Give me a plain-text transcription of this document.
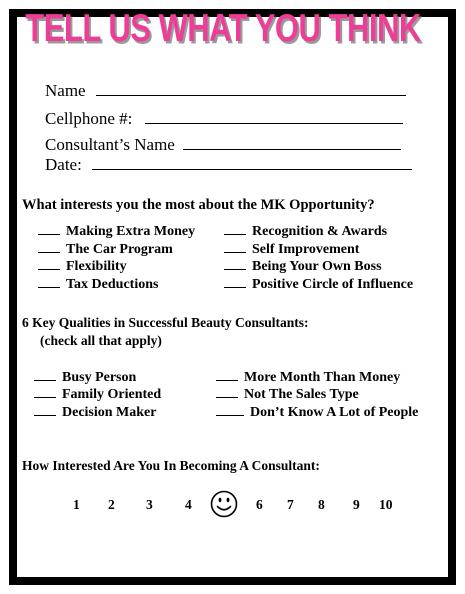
TELL US WHAT YOU THINK
Name
Cellphone #:
Consultant’s Name
Date:
What interests you the most about the MK Opportunity?
Making Extra Money
The Car Program
Flexibility
Tax Deductions
Recognition & Awards
Self Improvement
Being Your Own Boss
Positive Circle of Influence
6 Key Qualities in Successful Beauty Consultants:
(check all that apply)
Busy Person
Family Oriented
Decision Maker
More Month Than Money
Not The Sales Type
Don’t Know A Lot of People
How Interested Are You In Becoming A Consultant:
1 2 3 4	6 7 8 9 10
